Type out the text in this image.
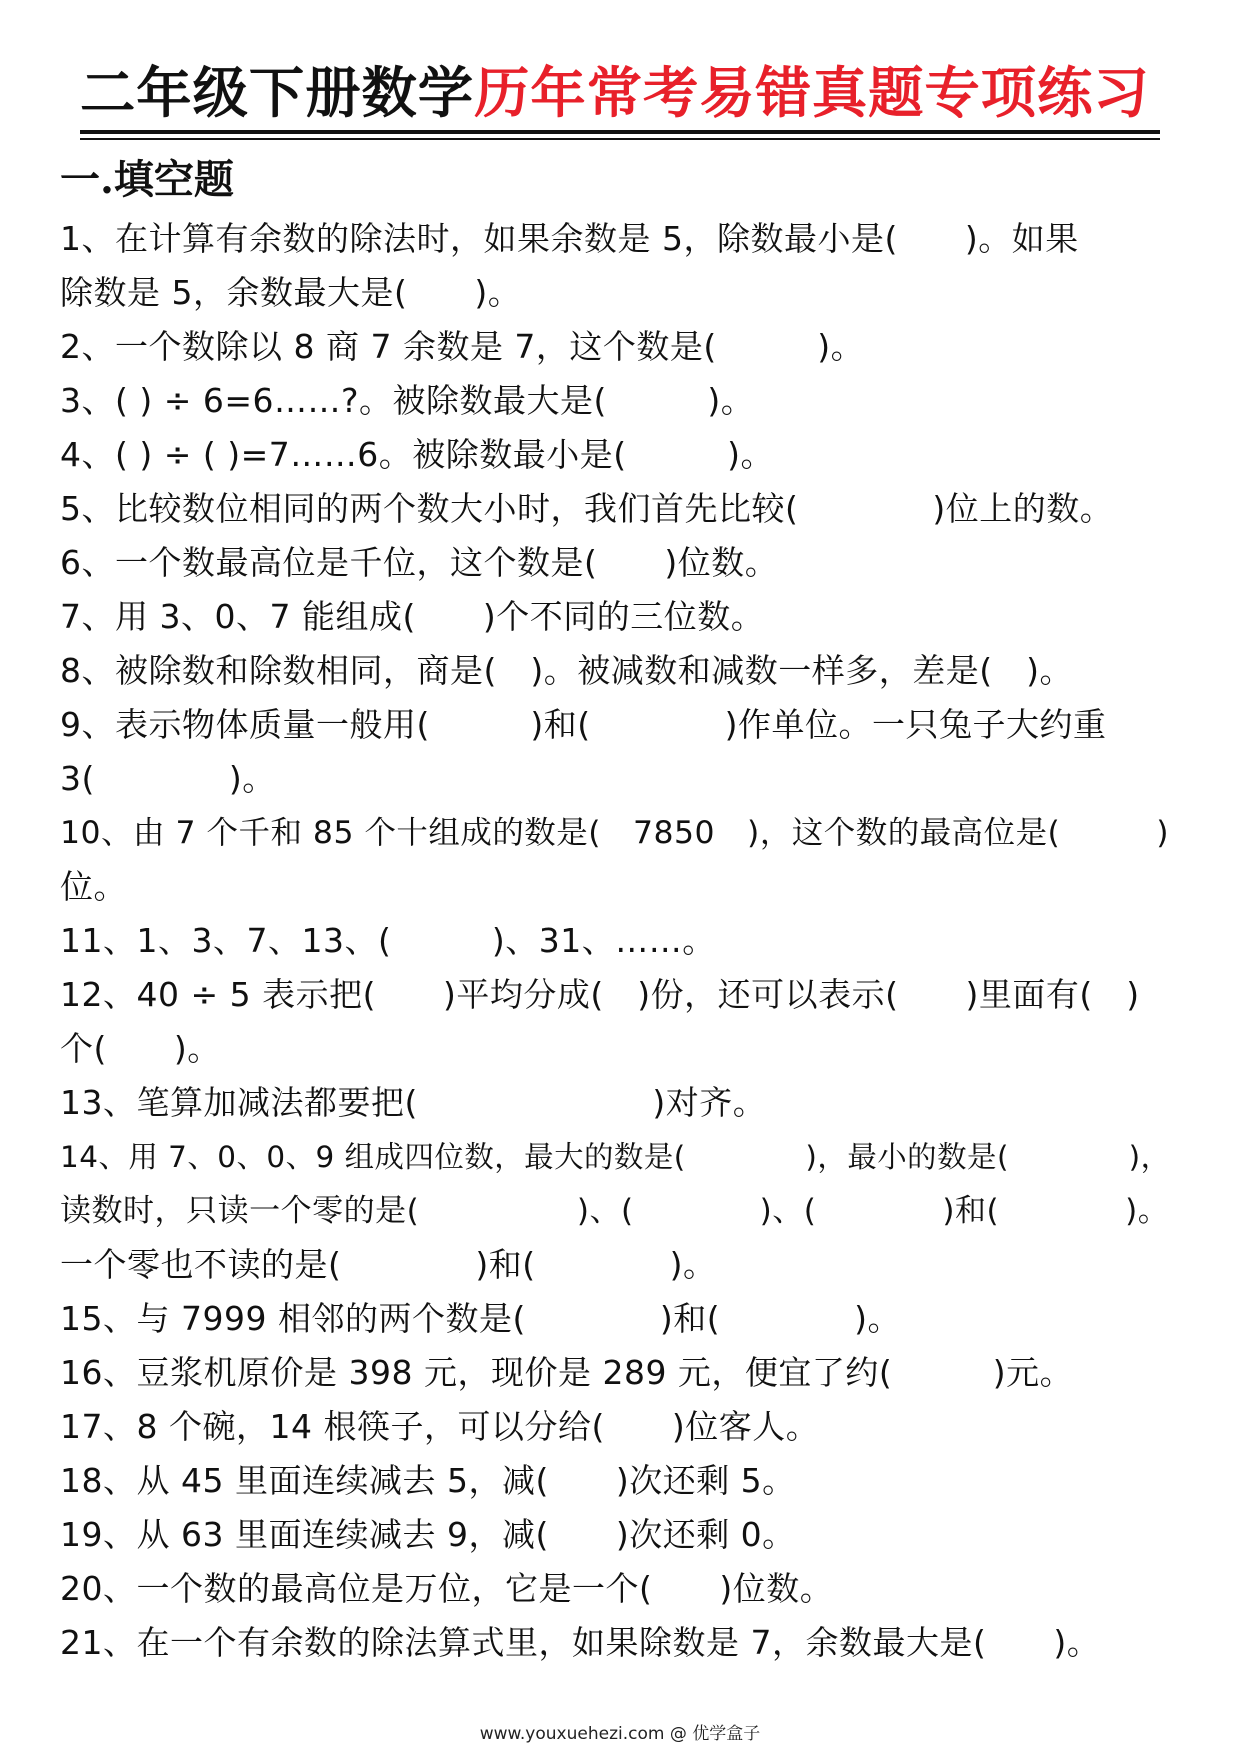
二年级下册数学历年常考易错真题专项练习
一.填空题
1、在计算有余数的除法时，如果余数是 5，除数最小是(　　)。如果
除数是 5，余数最大是(　　)。
2、一个数除以 8 商 7 余数是 7，这个数是(　　　)。
3、( ) ÷ 6=6……?。被除数最大是(　　　)。
4、( ) ÷ ( )=7……6。被除数最小是(　　　)。
5、比较数位相同的两个数大小时，我们首先比较(　　　　)位上的数。
6、一个数最高位是千位，这个数是(　　)位数。
7、用 3、0、7 能组成(　　)个不同的三位数。
8、被除数和除数相同，商是(　)。被减数和减数一样多，差是(　)。
9、表示物体质量一般用(　　　)和(　　　　)作单位。一只兔子大约重
3(　　　　)。
10、由 7 个千和 85 个十组成的数是(　7850　)，这个数的最高位是(　　　)
位。
11、1、3、7、13、(　　　)、31、……。
12、40 ÷ 5 表示把(　　)平均分成(　)份，还可以表示(　　)里面有(　)
个(　　)。
13、笔算加减法都要把(　　　　　　　)对齐。
14、用 7、0、0、9 组成四位数，最大的数是(　　　　)，最小的数是(　　　　)，
读数时，只读一个零的是(　　　　　)、(　　　　)、(　　　　)和(　　　　)。
一个零也不读的是(　　　　)和(　　　　)。
15、与 7999 相邻的两个数是(　　　　)和(　　　　)。
16、豆浆机原价是 398 元，现价是 289 元，便宜了约(　　　)元。
17、8 个碗，14 根筷子，可以分给(　　)位客人。
18、从 45 里面连续减去 5，减(　　)次还剩 5。
19、从 63 里面连续减去 9，减(　　)次还剩 0。
20、一个数的最高位是万位，它是一个(　　)位数。
21、在一个有余数的除法算式里，如果除数是 7，余数最大是(　　)。
www.youxuehezi.com @ 优学盒子
